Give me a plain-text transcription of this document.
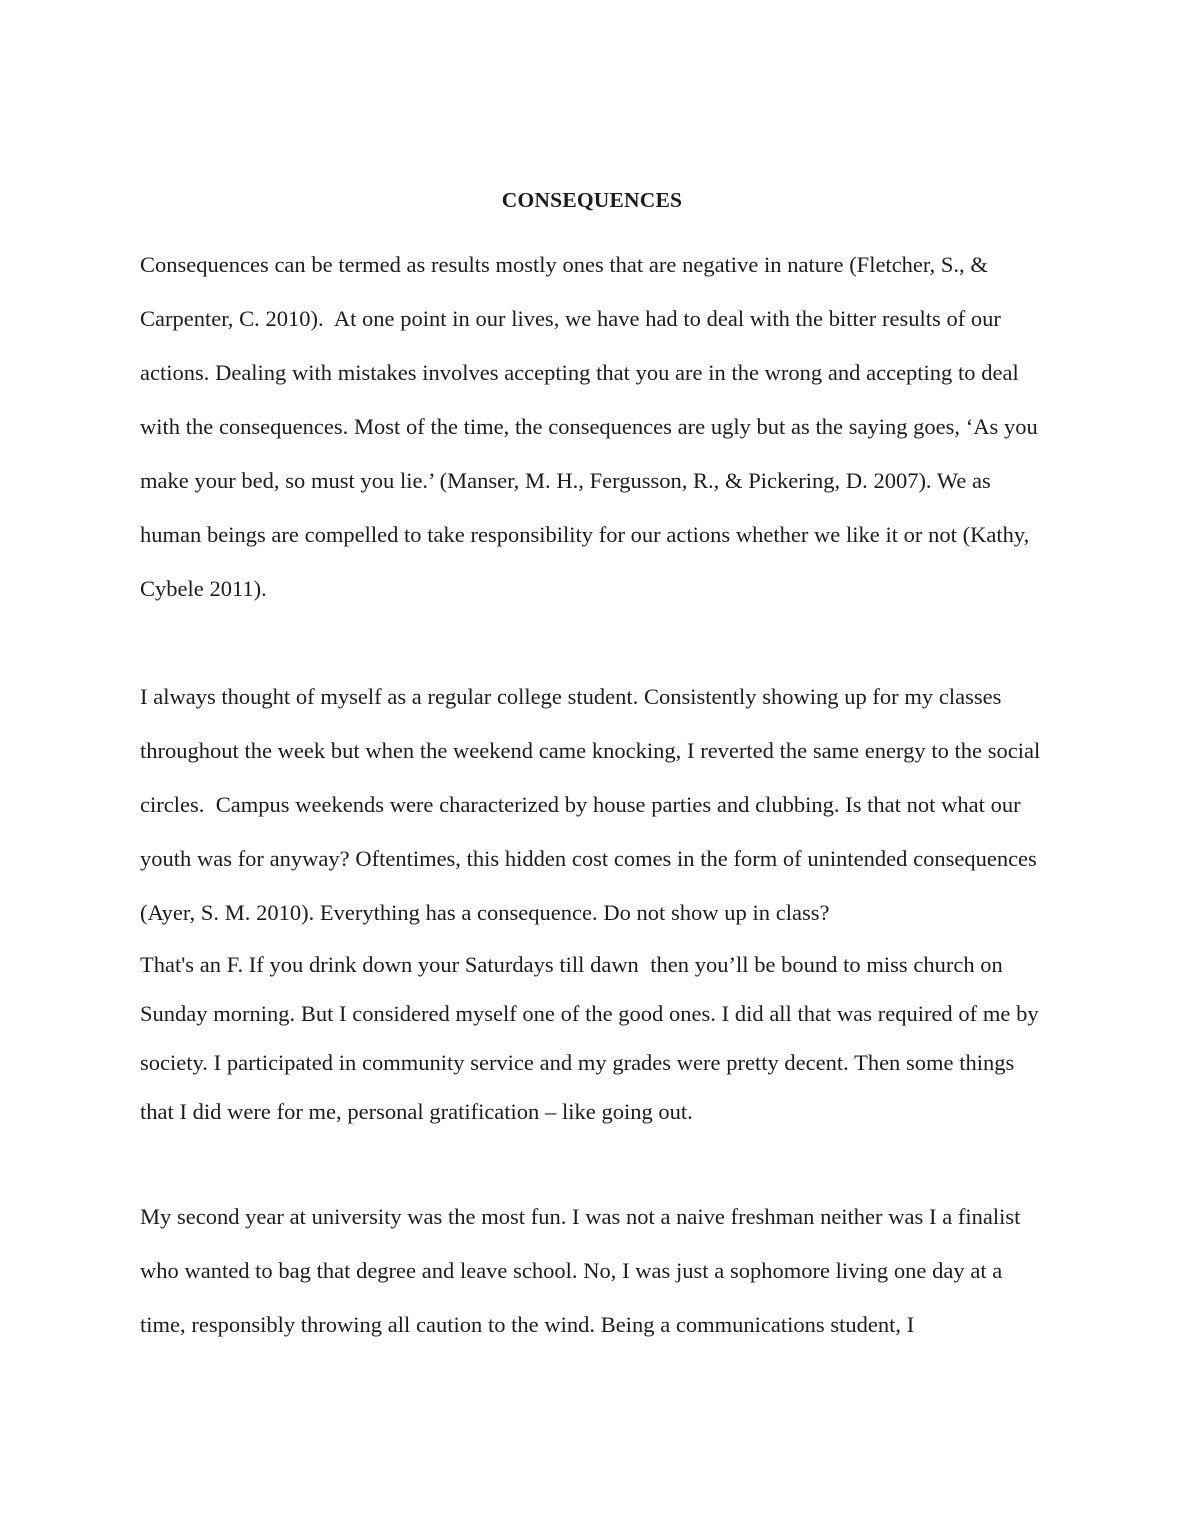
CONSEQUENCES

Consequences can be termed as results mostly ones that are negative in nature (Fletcher, S., & Carpenter, C. 2010).  At one point in our lives, we have had to deal with the bitter results of our actions. Dealing with mistakes involves accepting that you are in the wrong and accepting to deal with the consequences. Most of the time, the consequences are ugly but as the saying goes, ‘As you make your bed, so must you lie.’ (Manser, M. H., Fergusson, R., & Pickering, D. 2007). We as human beings are compelled to take responsibility for our actions whether we like it or not (Kathy, Cybele 2011).

I always thought of myself as a regular college student. Consistently showing up for my classes throughout the week but when the weekend came knocking, I reverted the same energy to the social circles.  Campus weekends were characterized by house parties and clubbing. Is that not what our youth was for anyway? Oftentimes, this hidden cost comes in the form of unintended consequences (Ayer, S. M. 2010). Everything has a consequence. Do not show up in class?

That's an F. If you drink down your Saturdays till dawn  then you’ll be bound to miss church on Sunday morning. But I considered myself one of the good ones. I did all that was required of me by society. I participated in community service and my grades were pretty decent. Then some things that I did were for me, personal gratification – like going out.

My second year at university was the most fun. I was not a naive freshman neither was I a finalist who wanted to bag that degree and leave school. No, I was just a sophomore living one day at a time, responsibly throwing all caution to the wind. Being a communications student, I
